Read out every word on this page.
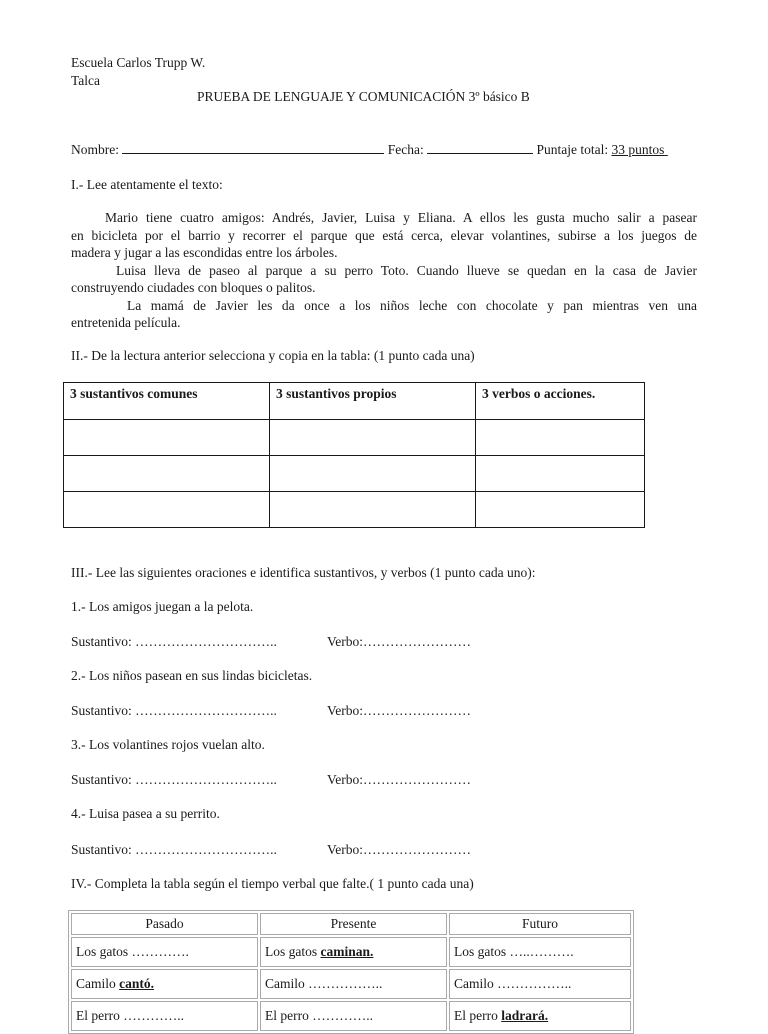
Escuela Carlos Trupp W.
Talca
PRUEBA DE LENGUAJE Y COMUNICACIÓN 3º básico B
Nombre:	Fecha:	Puntaje total: 33 puntos
I.- Lee atentamente el texto:
Mario tiene cuatro amigos: Andrés, Javier, Luisa y Eliana. A ellos les gusta mucho salir a pasear
en bicicleta por el barrio y recorrer el parque que está cerca, elevar volantines, subirse a los juegos de
madera y jugar a las escondidas entre los árboles.
Luisa lleva de paseo al parque a su perro Toto. Cuando llueve se quedan en la casa de Javier
construyendo ciudades con bloques o palitos.
La mamá de Javier les da once a los niños leche con chocolate y pan mientras ven una
entretenida película.
II.- De la lectura anterior selecciona y copia en la tabla: (1 punto cada una)
3 sustantivos comunes	3 sustantivos propios	3 verbos o acciones.

III.- Lee las siguientes oraciones e identifica sustantivos, y verbos (1 punto cada uno):
1.- Los amigos juegan a la pelota.
Sustantivo: …………………………..	Verbo:……………………
2.- Los niños pasean en sus lindas bicicletas.
Sustantivo: …………………………..	Verbo:……………………
3.- Los volantines rojos vuelan alto.
Sustantivo: …………………………..	Verbo:……………………
4.- Luisa pasea a su perrito.
Sustantivo: …………………………..	Verbo:……………………
IV.- Completa la tabla según el tiempo verbal que falte.( 1 punto cada una)
Pasado	Presente	Futuro
Los gatos ………….	Los gatos caminan.	Los gatos …..……….
Camilo cantó.	Camilo ……………..	Camilo ……………..
El perro …………..	El perro …………..	El perro ladrará.
